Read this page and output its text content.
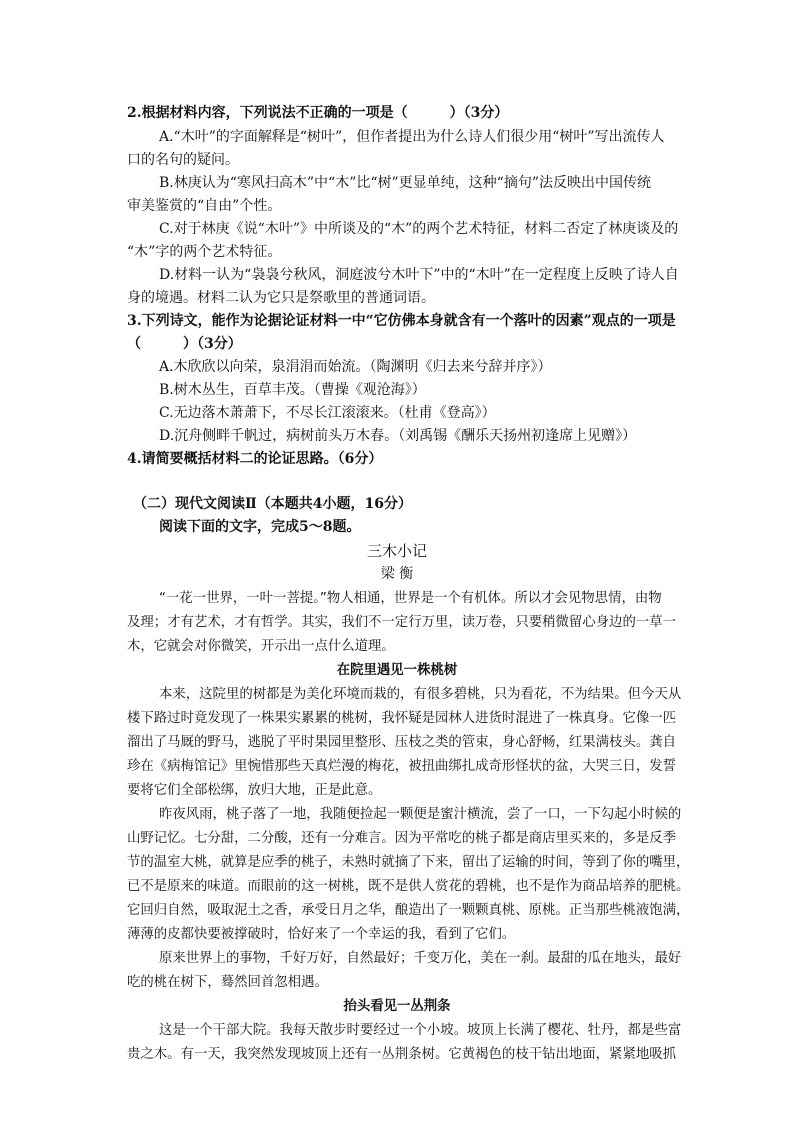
2.根据材料内容，下列说法不正确的一项是（　　　）（3分）
A.“木叶”的字面解释是“树叶”，但作者提出为什么诗人们很少用“树叶”写出流传人
口的名句的疑问。
B.林庚认为“寒风扫高木”中“木”比“树”更显单纯，这种“摘句”法反映出中国传统
审美鉴赏的“自由”个性。
C.对于林庚《说“木叶”》中所谈及的“木”的两个艺术特征，材料二否定了林庚谈及的
“木”字的两个艺术特征。
D.材料一认为“袅袅兮秋风，洞庭波兮木叶下”中的“木叶”在一定程度上反映了诗人自
身的境遇。材料二认为它只是祭歌里的普通词语。
3.下列诗文，能作为论据论证材料一中“它仿佛本身就含有一个落叶的因素”观点的一项是
（　　　）（3分）
A.木欣欣以向荣，泉涓涓而始流。（陶渊明《归去来兮辞并序》）
B.树木丛生，百草丰茂。（曹操《观沧海》）
C.无边落木萧萧下，不尽长江滚滚来。（杜甫《登高》）
D.沉舟侧畔千帆过，病树前头万木春。（刘禹锡《酬乐天扬州初逢席上见赠》）
4.请简要概括材料二的论证思路。（6分）
（二）现代文阅读Ⅱ（本题共4小题，16分）
阅读下面的文字，完成5～8题。
三木小记
梁 衡
“一花一世界，一叶一菩提。”物人相通，世界是一个有机体。所以才会见物思情，由物
及理；才有艺术，才有哲学。其实，我们不一定行万里，读万卷，只要稍微留心身边的一草一
木，它就会对你微笑，开示出一点什么道理。
在院里遇见一株桃树
本来，这院里的树都是为美化环境而栽的，有很多碧桃，只为看花，不为结果。但今天从
楼下路过时竟发现了一株果实累累的桃树，我怀疑是园林人进货时混进了一株真身。它像一匹
溜出了马厩的野马，逃脱了平时果园里整形、压枝之类的管束，身心舒畅，红果满枝头。龚自
珍在《病梅馆记》里惋惜那些天真烂漫的梅花，被扭曲绑扎成奇形怪状的盆，大哭三日，发誓
要将它们全部松绑，放归大地，正是此意。
昨夜风雨，桃子落了一地，我随便捡起一颗便是蜜汁横流，尝了一口，一下勾起小时候的
山野记忆。七分甜，二分酸，还有一分难言。因为平常吃的桃子都是商店里买来的，多是反季
节的温室大桃，就算是应季的桃子，未熟时就摘了下来，留出了运输的时间，等到了你的嘴里，
已不是原来的味道。而眼前的这一树桃，既不是供人赏花的碧桃，也不是作为商品培养的肥桃。
它回归自然，吸取泥土之香，承受日月之华，酿造出了一颗颗真桃、原桃。正当那些桃液饱满，
薄薄的皮都快要被撑破时，恰好来了一个幸运的我，看到了它们。
原来世界上的事物，千好万好，自然最好；千变万化，美在一刹。最甜的瓜在地头，最好
吃的桃在树下，蓦然回首忽相遇。
抬头看见一丛荆条
这是一个干部大院。我每天散步时要经过一个小坡。坡顶上长满了樱花、牡丹，都是些富
贵之木。有一天，我突然发现坡顶上还有一丛荆条树。它黄褐色的枝干钻出地面，紧紧地吸抓
